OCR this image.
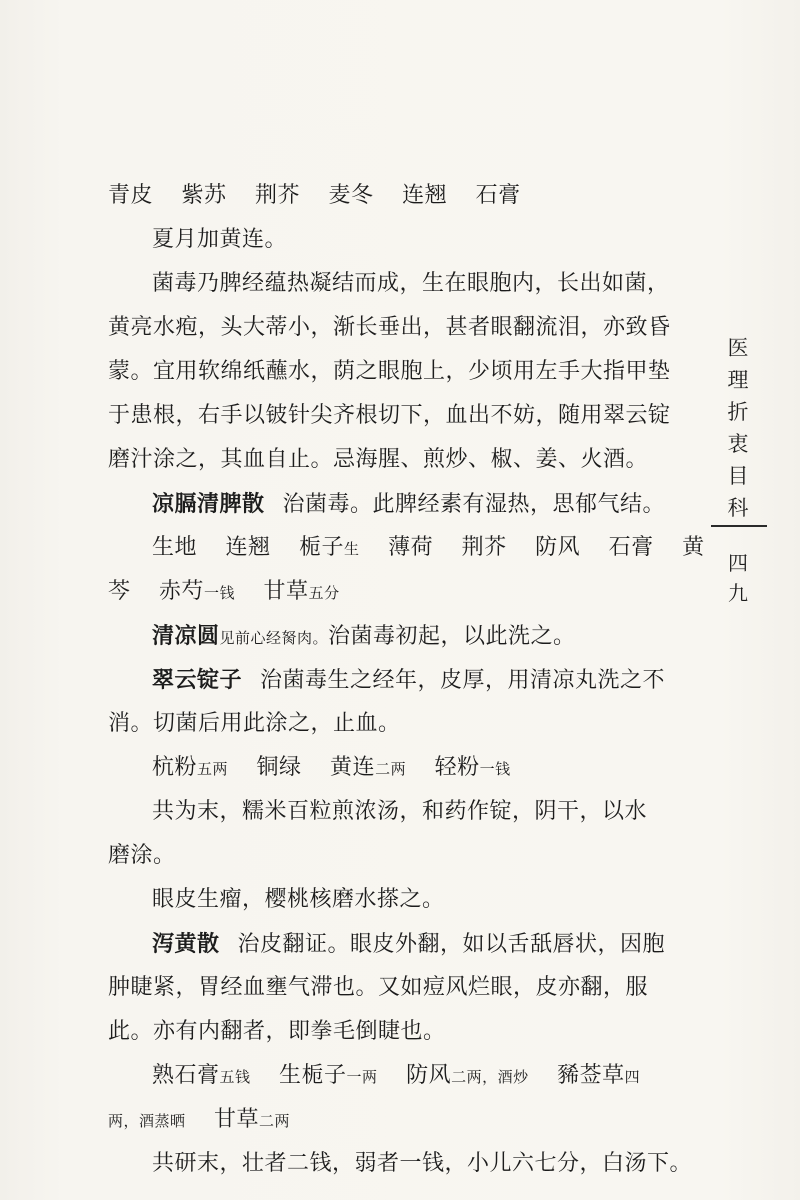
青皮 紫苏 荆芥 麦冬 连翘 石膏
夏月加黄连。
菌毒乃脾经蕴热凝结而成，生在眼胞内，长出如菌，
黄亮水疱，头大蒂小，渐长垂出，甚者眼翻流泪，亦致昏
蒙。宜用软绵纸蘸水，荫之眼胞上，少顷用左手大指甲垫
于患根，右手以铍针尖齐根切下，血出不妨，随用翠云锭
磨汁涂之，其血自止。忌海腥、煎炒、椒、姜、火酒。
凉膈清脾散 治菌毒。此脾经素有湿热，思郁气结。
生地 连翘 栀子生 薄荷 荆芥 防风 石膏 黄
芩 赤芍一钱 甘草五分
清凉圆见前心经胬肉。治菌毒初起，以此洗之。
翠云锭子 治菌毒生之经年，皮厚，用清凉丸洗之不
消。切菌后用此涂之，止血。
杭粉五两 铜绿 黄连二两 轻粉一钱
共为末，糯米百粒煎浓汤，和药作锭，阴干，以水
磨涂。
眼皮生瘤，樱桃核磨水搽之。
泻黄散 治皮翻证。眼皮外翻，如以舌舐唇状，因胞
肿睫紧，胃经血壅气滞也。又如痘风烂眼，皮亦翻，服
此。亦有内翻者，即拳毛倒睫也。
熟石膏五钱 生栀子一两 防风二两，酒炒 豨莶草四
两，酒蒸晒 甘草二两
共研末，壮者二钱，弱者一钱，小儿六七分，白汤下。
医
理
折
衷
目
科
四
九
